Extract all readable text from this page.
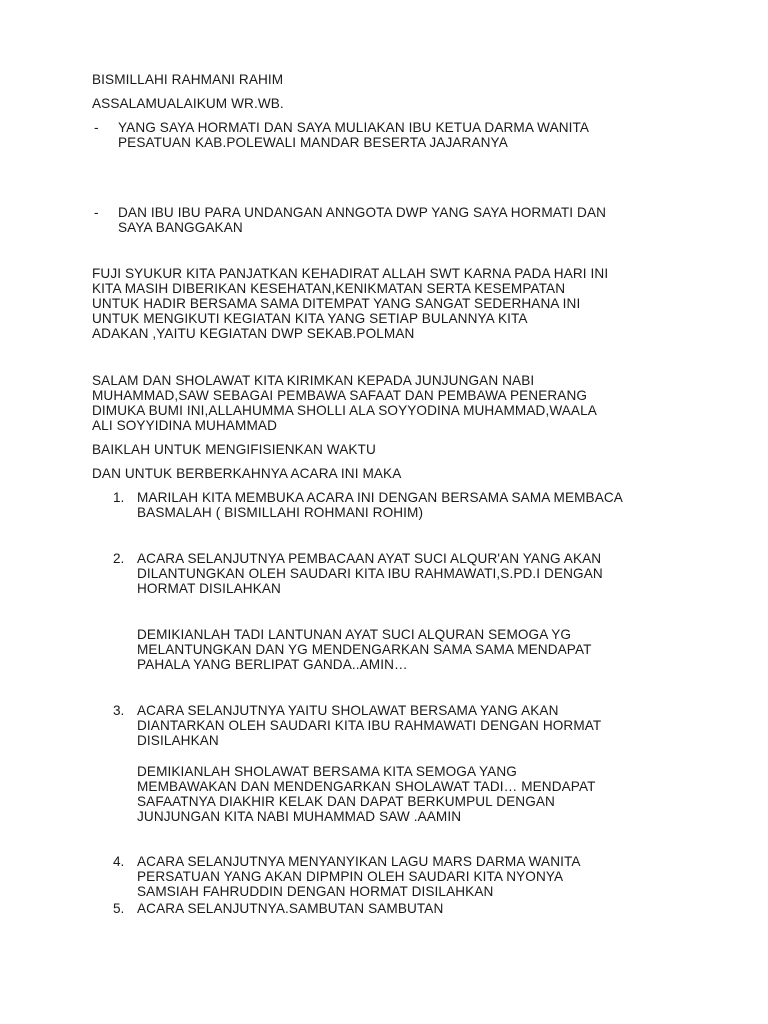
BISMILLAHI RAHMANI RAHIM
ASSALAMUALAIKUM WR.WB.
- YANG SAYA HORMATI DAN SAYA MULIAKAN IBU KETUA DARMA WANITA
PESATUAN KAB.POLEWALI MANDAR BESERTA JAJARANYA
- DAN IBU IBU PARA UNDANGAN ANNGOTA DWP YANG SAYA HORMATI DAN
SAYA BANGGAKAN
FUJI SYUKUR KITA PANJATKAN KEHADIRAT ALLAH SWT KARNA PADA HARI INI
KITA MASIH DIBERIKAN KESEHATAN,KENIKMATAN SERTA KESEMPATAN
UNTUK HADIR BERSAMA SAMA DITEMPAT YANG SANGAT SEDERHANA INI
UNTUK MENGIKUTI KEGIATAN KITA YANG SETIAP BULANNYA KITA
ADAKAN ,YAITU KEGIATAN DWP SEKAB.POLMAN
SALAM DAN SHOLAWAT KITA KIRIMKAN KEPADA JUNJUNGAN NABI
MUHAMMAD,SAW SEBAGAI PEMBAWA SAFAAT DAN PEMBAWA PENERANG
DIMUKA BUMI INI,ALLAHUMMA SHOLLI ALA SOYYODINA MUHAMMAD,WAALA
ALI SOYYIDINA MUHAMMAD
BAIKLAH UNTUK MENGIFISIENKAN WAKTU
DAN UNTUK BERBERKAHNYA ACARA INI MAKA
1. MARILAH KITA MEMBUKA ACARA INI DENGAN BERSAMA SAMA MEMBACA
BASMALAH ( BISMILLAHI ROHMANI ROHIM)
2. ACARA SELANJUTNYA PEMBACAAN AYAT SUCI ALQUR'AN YANG AKAN
DILANTUNGKAN OLEH SAUDARI KITA IBU RAHMAWATI,S.PD.I DENGAN
HORMAT DISILAHKAN
DEMIKIANLAH TADI LANTUNAN AYAT SUCI ALQURAN SEMOGA YG
MELANTUNGKAN DAN YG MENDENGARKAN SAMA SAMA MENDAPAT
PAHALA YANG BERLIPAT GANDA..AMIN…
3. ACARA SELANJUTNYA YAITU SHOLAWAT BERSAMA YANG AKAN
DIANTARKAN OLEH SAUDARI KITA IBU RAHMAWATI DENGAN HORMAT
DISILAHKAN
DEMIKIANLAH SHOLAWAT BERSAMA KITA SEMOGA YANG
MEMBAWAKAN DAN MENDENGARKAN SHOLAWAT TADI… MENDAPAT
SAFAATNYA DIAKHIR KELAK DAN DAPAT BERKUMPUL DENGAN
JUNJUNGAN KITA NABI MUHAMMAD SAW .AAMIN
4. ACARA SELANJUTNYA MENYANYIKAN LAGU MARS DARMA WANITA
PERSATUAN YANG AKAN DIPMPIN OLEH SAUDARI KITA NYONYA
SAMSIAH FAHRUDDIN DENGAN HORMAT DISILAHKAN
5. ACARA SELANJUTNYA.SAMBUTAN SAMBUTAN
